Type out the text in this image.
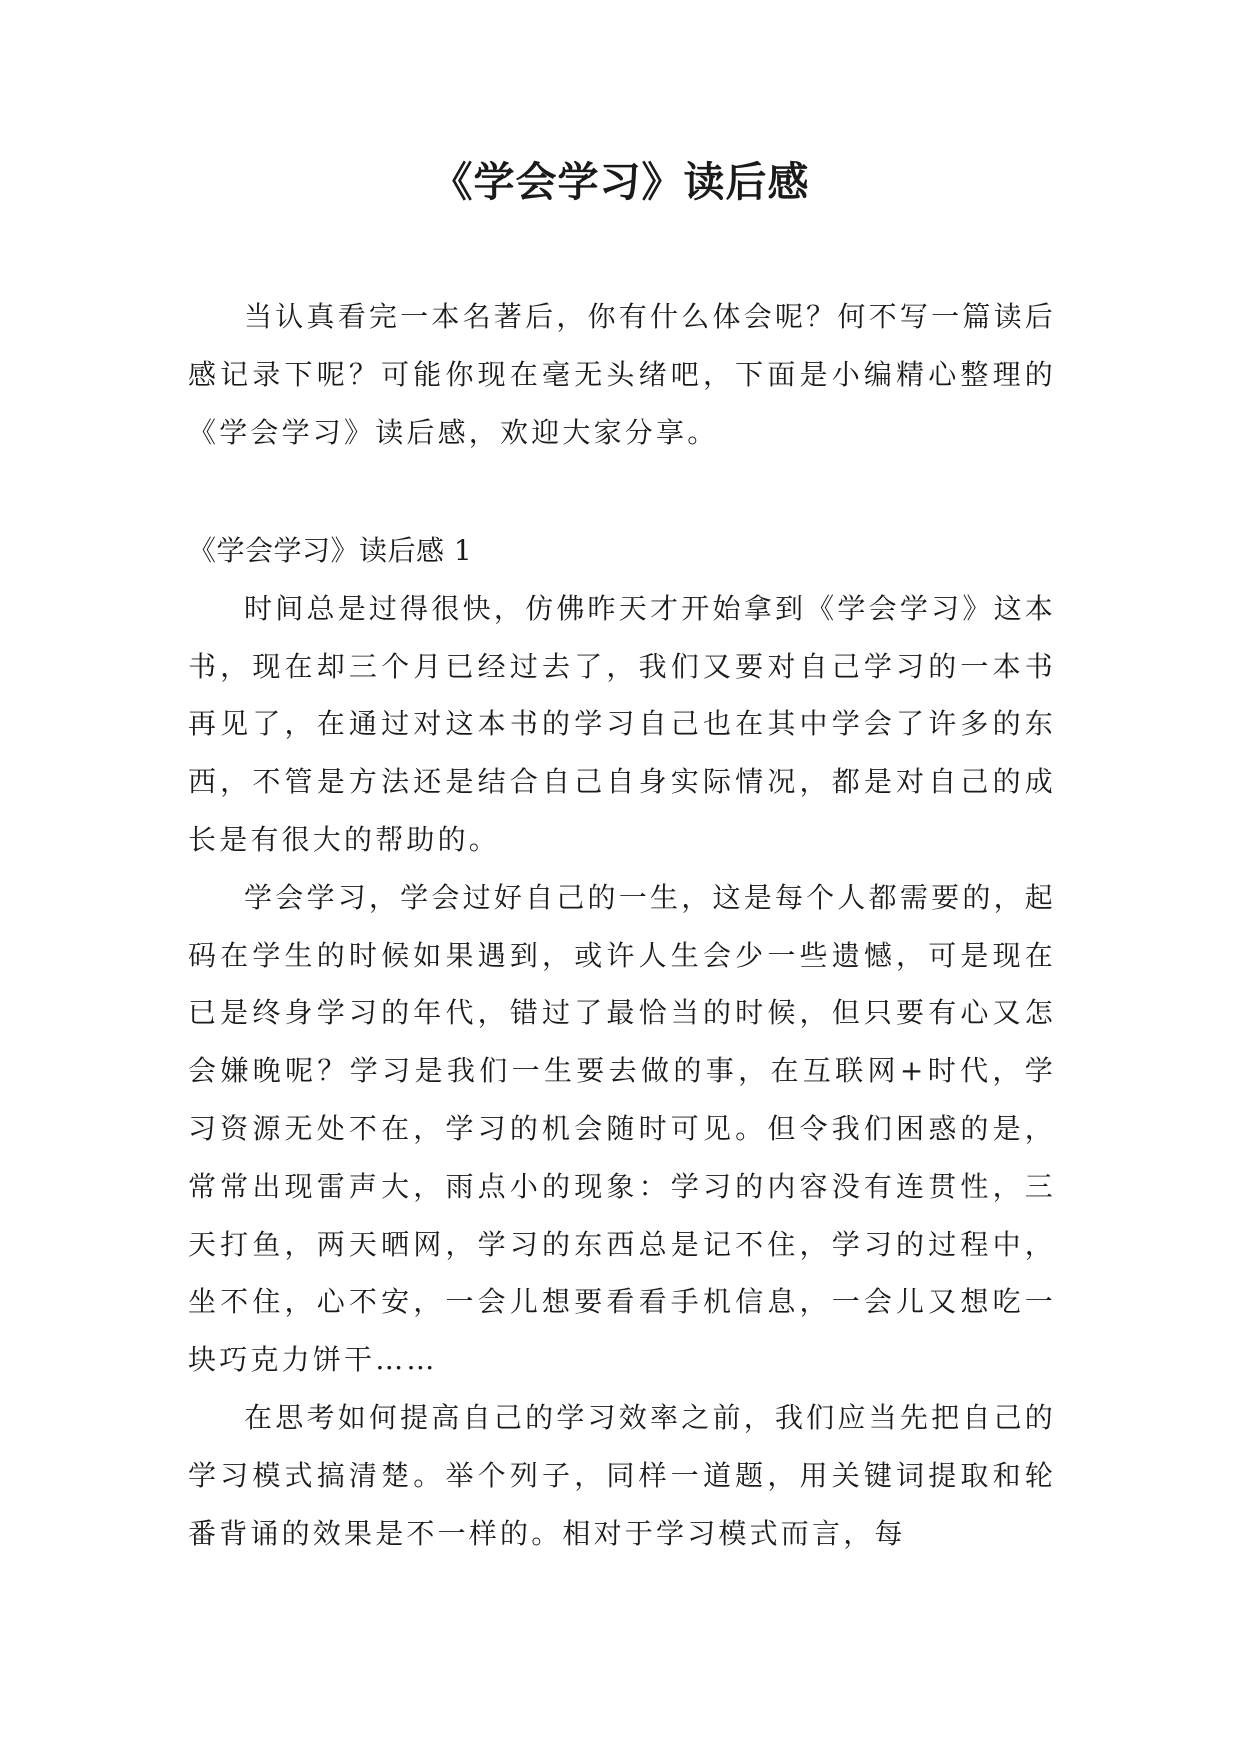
《学会学习》读后感

当认真看完一本名著后，你有什么体会呢？何不写一篇读后感记录下呢？可能你现在毫无头绪吧，下面是小编精心整理的《学会学习》读后感，欢迎大家分享。

《学会学习》读后感 1

时间总是过得很快，仿佛昨天才开始拿到《学会学习》这本书，现在却三个月已经过去了，我们又要对自己学习的一本书再见了，在通过对这本书的学习自己也在其中学会了许多的东西，不管是方法还是结合自己自身实际情况，都是对自己的成长是有很大的帮助的。

学会学习，学会过好自己的一生，这是每个人都需要的，起码在学生的时候如果遇到，或许人生会少一些遗憾，可是现在已是终身学习的年代，错过了最恰当的时候，但只要有心又怎会嫌晚呢？学习是我们一生要去做的事，在互联网+时代，学习资源无处不在，学习的机会随时可见。但令我们困惑的是，常常出现雷声大，雨点小的现象：学习的内容没有连贯性，三天打鱼，两天晒网，学习的东西总是记不住，学习的过程中，坐不住，心不安，一会儿想要看看手机信息，一会儿又想吃一块巧克力饼干……

在思考如何提高自己的学习效率之前，我们应当先把自己的学习模式搞清楚。举个列子，同样一道题，用关键词提取和轮番背诵的效果是不一样的。相对于学习模式而言，每
